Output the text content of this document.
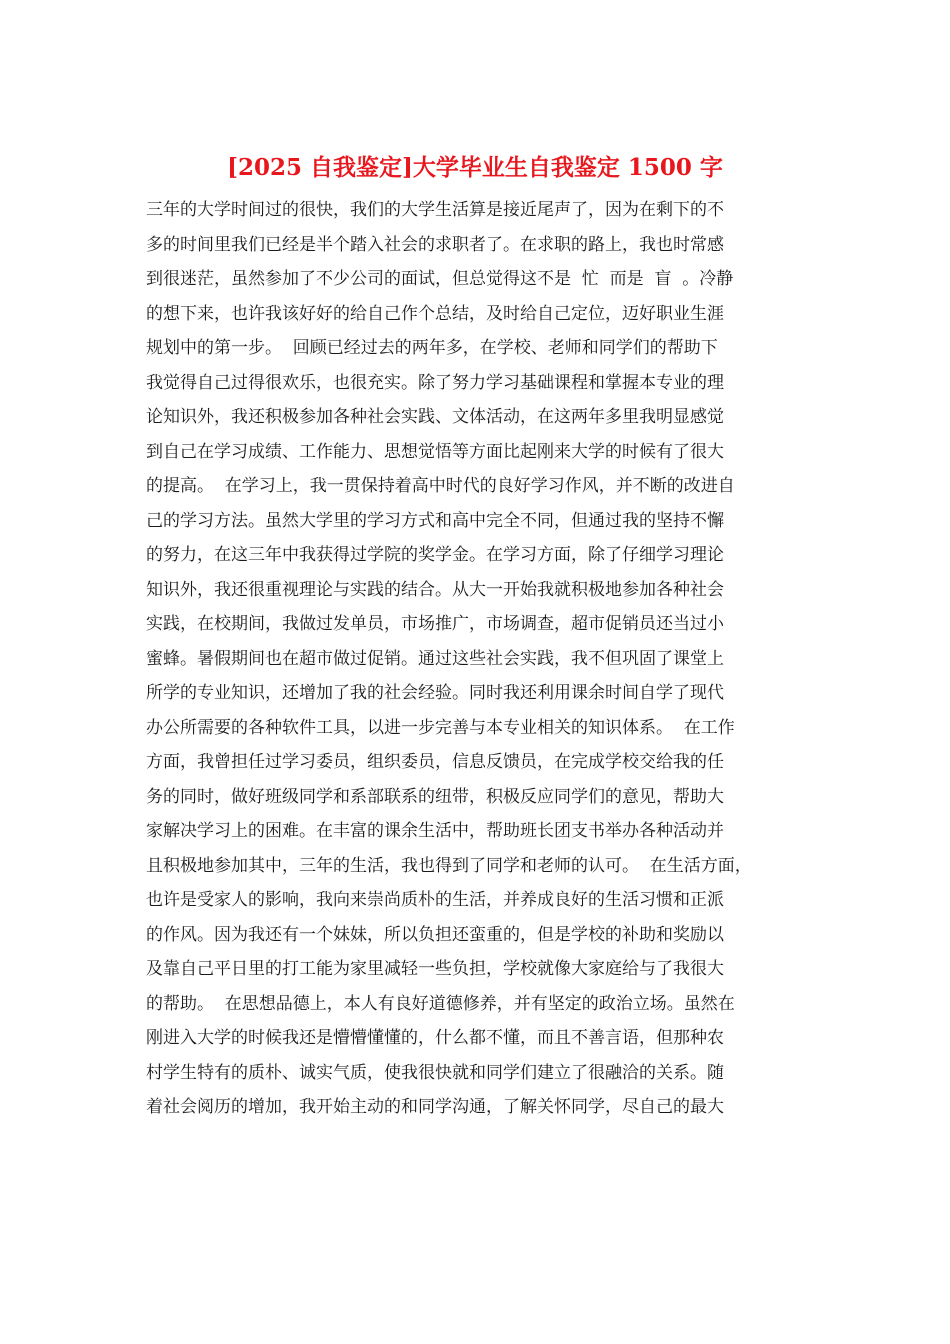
[2025 自我鉴定]大学毕业生自我鉴定 1500 字
三年的大学时间过的很快，我们的大学生活算是接近尾声了，因为在剩下的不
多的时间里我们已经是半个踏入社会的求职者了。在求职的路上，我也时常感
到很迷茫，虽然参加了不少公司的面试，但总觉得这不是  忙  而是  盲  。冷静
的想下来，也许我该好好的给自己作个总结，及时给自己定位，迈好职业生涯
规划中的第一步。  回顾已经过去的两年多，在学校、老师和同学们的帮助下
我觉得自己过得很欢乐，也很充实。除了努力学习基础课程和掌握本专业的理
论知识外，我还积极参加各种社会实践、文体活动，在这两年多里我明显感觉
到自己在学习成绩、工作能力、思想觉悟等方面比起刚来大学的时候有了很大
的提高。  在学习上，我一贯保持着高中时代的良好学习作风，并不断的改进自
己的学习方法。虽然大学里的学习方式和高中完全不同，但通过我的坚持不懈
的努力，在这三年中我获得过学院的奖学金。在学习方面，除了仔细学习理论
知识外，我还很重视理论与实践的结合。从大一开始我就积极地参加各种社会
实践，在校期间，我做过发单员，市场推广，市场调查，超市促销员还当过小
蜜蜂。暑假期间也在超市做过促销。通过这些社会实践，我不但巩固了课堂上
所学的专业知识，还增加了我的社会经验。同时我还利用课余时间自学了现代
办公所需要的各种软件工具，以进一步完善与本专业相关的知识体系。  在工作
方面，我曾担任过学习委员，组织委员，信息反馈员，在完成学校交给我的任
务的同时，做好班级同学和系部联系的纽带，积极反应同学们的意见，帮助大
家解决学习上的困难。在丰富的课余生活中，帮助班长团支书举办各种活动并
且积极地参加其中，三年的生活，我也得到了同学和老师的认可。  在生活方面，
也许是受家人的影响，我向来崇尚质朴的生活，并养成良好的生活习惯和正派
的作风。因为我还有一个妹妹，所以负担还蛮重的，但是学校的补助和奖励以
及靠自己平日里的打工能为家里减轻一些负担，学校就像大家庭给与了我很大
的帮助。  在思想品德上，本人有良好道德修养，并有坚定的政治立场。虽然在
刚进入大学的时候我还是懵懵懂懂的，什么都不懂，而且不善言语，但那种农
村学生特有的质朴、诚实气质，使我很快就和同学们建立了很融洽的关系。随
着社会阅历的增加，我开始主动的和同学沟通，了解关怀同学，尽自己的最大
